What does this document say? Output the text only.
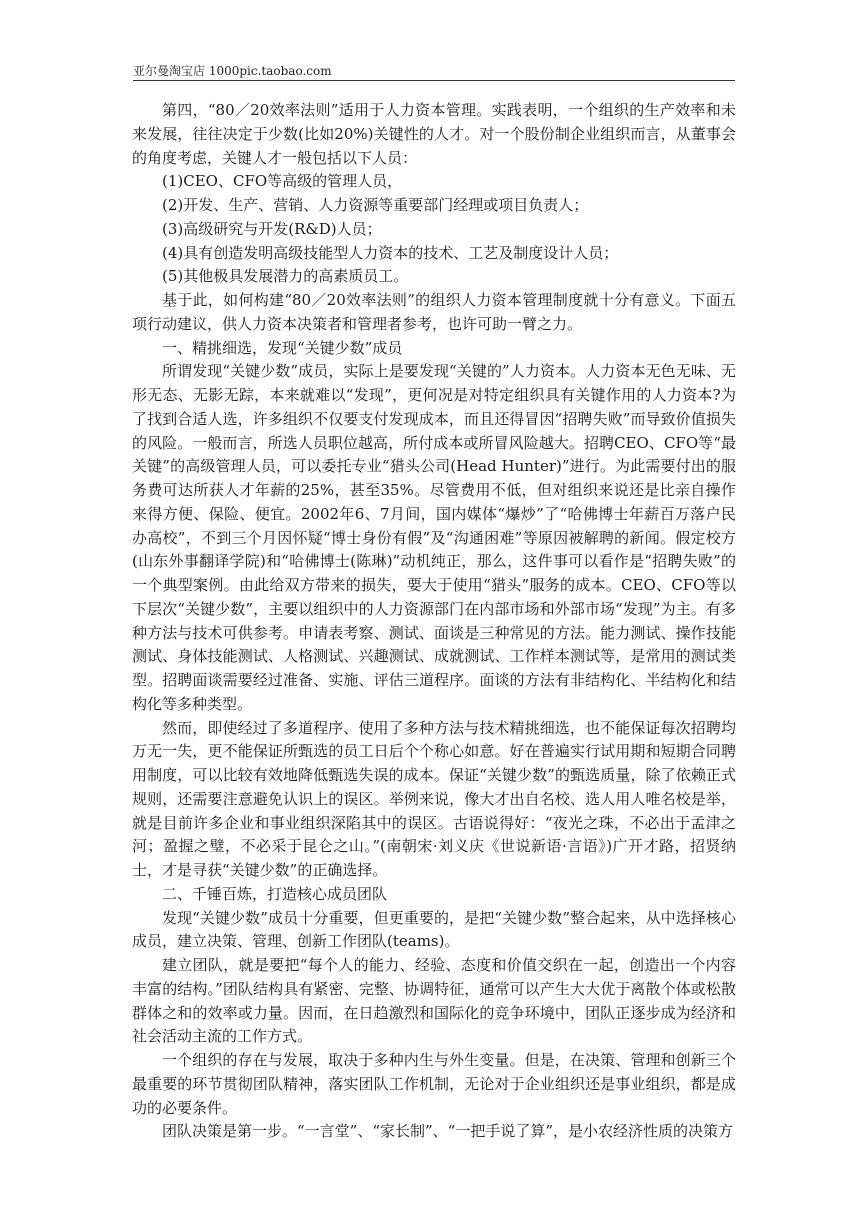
亚尔曼淘宝店 1000pic.taobao.com

第四，“80／20效率法则”适用于人力资本管理。实践表明，一个组织的生产效率和未来发展，往往决定于少数(比如20%)关键性的人才。对一个股份制企业组织而言，从董事会的角度考虑，关键人才一般包括以下人员：

(1)CEO、CFO等高级的管理人员，

(2)开发、生产、营销、人力资源等重要部门经理或项目负责人；

(3)高级研究与开发(R&D)人员；

(4)具有创造发明高级技能型人力资本的技术、工艺及制度设计人员；

(5)其他极具发展潜力的高素质员工。

基于此，如何构建“80／20效率法则”的组织人力资本管理制度就十分有意义。下面五项行动建议，供人力资本决策者和管理者参考，也许可助一臂之力。

一、精挑细选，发现“关键少数”成员

所谓发现“关键少数”成员，实际上是要发现“关键的”人力资本。人力资本无色无味、无形无态、无影无踪，本来就难以“发现”，更何况是对特定组织具有关键作用的人力资本?为了找到合适人选，许多组织不仅要支付发现成本，而且还得冒因“招聘失败”而导致价值损失的风险。一般而言，所选人员职位越高，所付成本或所冒风险越大。招聘CEO、CFO等“最关键”的高级管理人员，可以委托专业“猎头公司(Head Hunter)”进行。为此需要付出的服务费可达所获人才年薪的25%，甚至35%。尽管费用不低，但对组织来说还是比亲自操作来得方便、保险、便宜。2002年6、7月间，国内媒体“爆炒”了“哈佛博士年薪百万落户民办高校”，不到三个月因怀疑“博士身份有假”及“沟通困难”等原因被解聘的新闻。假定校方(山东外事翻译学院)和“哈佛博士(陈琳)”动机纯正，那么，这件事可以看作是“招聘失败”的一个典型案例。由此给双方带来的损失，要大于使用“猎头”服务的成本。CEO、CFO等以下层次“关键少数”，主要以组织中的人力资源部门在内部市场和外部市场“发现”为主。有多种方法与技术可供参考。申请表考察、测试、面谈是三种常见的方法。能力测试、操作技能测试、身体技能测试、人格测试、兴趣测试、成就测试、工作样本测试等，是常用的测试类型。招聘面谈需要经过准备、实施、评估三道程序。面谈的方法有非结构化、半结构化和结构化等多种类型。

然而，即使经过了多道程序、使用了多种方法与技术精挑细选，也不能保证每次招聘均万无一失，更不能保证所甄选的员工日后个个称心如意。好在普遍实行试用期和短期合同聘用制度，可以比较有效地降低甄选失误的成本。保证“关键少数”的甄选质量，除了依赖正式规则，还需要注意避免认识上的误区。举例来说，像大才出自名校、选人用人唯名校是举，就是目前许多企业和事业组织深陷其中的误区。古语说得好：“夜光之珠，不必出于孟津之河；盈握之璧，不必采于昆仑之山。”(南朝宋·刘义庆《世说新语·言语》)广开才路，招贤纳士，才是寻获“关键少数”的正确选择。

二、千锤百炼，打造核心成员团队

发现“关键少数”成员十分重要，但更重要的，是把“关键少数”整合起来，从中选择核心成员，建立决策、管理、创新工作团队(teams)。

建立团队，就是要把“每个人的能力、经验、态度和价值交织在一起，创造出一个内容丰富的结构。”团队结构具有紧密、完整、协调特征，通常可以产生大大优于离散个体或松散群体之和的效率或力量。因而，在日趋激烈和国际化的竞争环境中，团队正逐步成为经济和社会活动主流的工作方式。

一个组织的存在与发展，取决于多种内生与外生变量。但是，在决策、管理和创新三个最重要的环节贯彻团队精神，落实团队工作机制，无论对于企业组织还是事业组织，都是成功的必要条件。

团队决策是第一步。“一言堂”、“家长制”、“一把手说了算”，是小农经济性质的决策方
